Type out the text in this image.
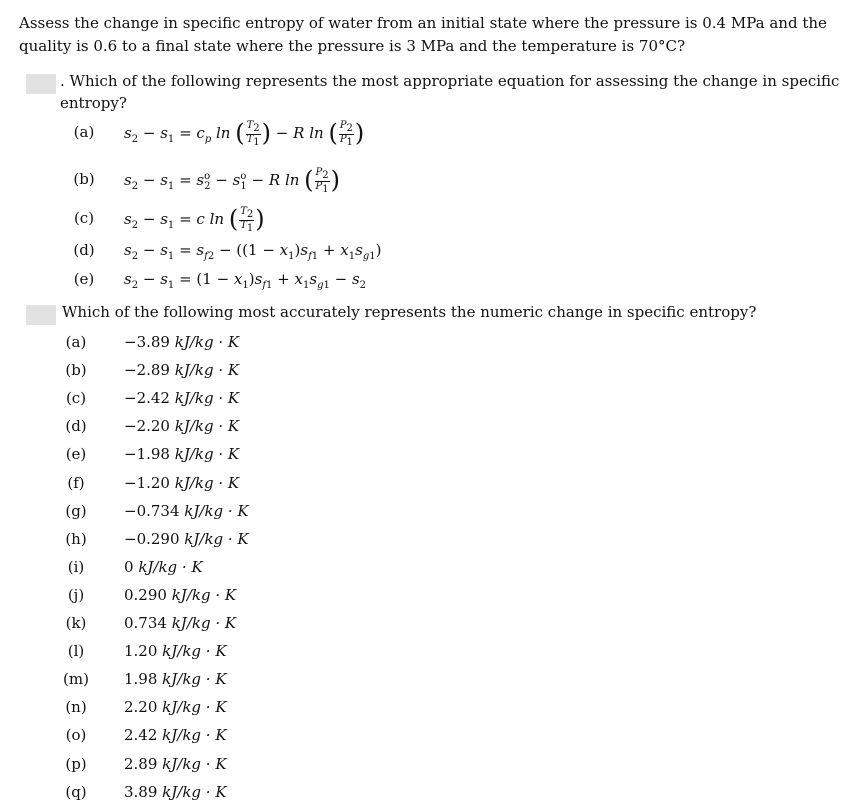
Assess the change in specific entropy of water from an initial state where the pressure is 0.4 MPa and the quality is 0.6 to a final state where the pressure is 3 MPa and the temperature is 70°C?
0 . Which of the following represents the most appropriate equation for assessing the change in specific entropy?
(a) $s_2 - s_1 = c_p$ ln ( $\frac{T_2}{T_1}$ ) − R ln ( $\frac{P_2}{P_1}$ )
(b) $s_2 - s_1 = s^o_2 - s^o_1 - R$ ln ( $\frac{P_2}{P_1}$ )
(c) $s_2 - s_1 = c$ ln ( $\frac{T_2}{T_1}$ )
(d) $s_2 - s_1 = s_{f2} - ((1 - x_1)s_{f1} + x_1s_{g1})$
(e) $s_2 - s_1 = (1 - x_1)s_{f1} + x_1s_{g1} - s_2$
0 Which of the following most accurately represents the numeric change in specific entropy?
(a)	−3.89 kJ/kg · K
(b)	−2.89 kJ/kg · K
(c)	−2.42 kJ/kg · K
(d)	−2.20 kJ/kg · K
(e)	−1.98 kJ/kg · K
(f)	−1.20 kJ/kg · K
(g)	−0.734 kJ/kg · K
(h)	−0.290 kJ/kg · K
(i)	0 kJ/kg · K
(j)	0.290 kJ/kg · K
(k)	0.734 kJ/kg · K
(l)	1.20 kJ/kg · K
(m)	1.98 kJ/kg · K
(n)	2.20 kJ/kg · K
(o)	2.42 kJ/kg · K
(p)	2.89 kJ/kg · K
(q)	3.89 kJ/kg · K
